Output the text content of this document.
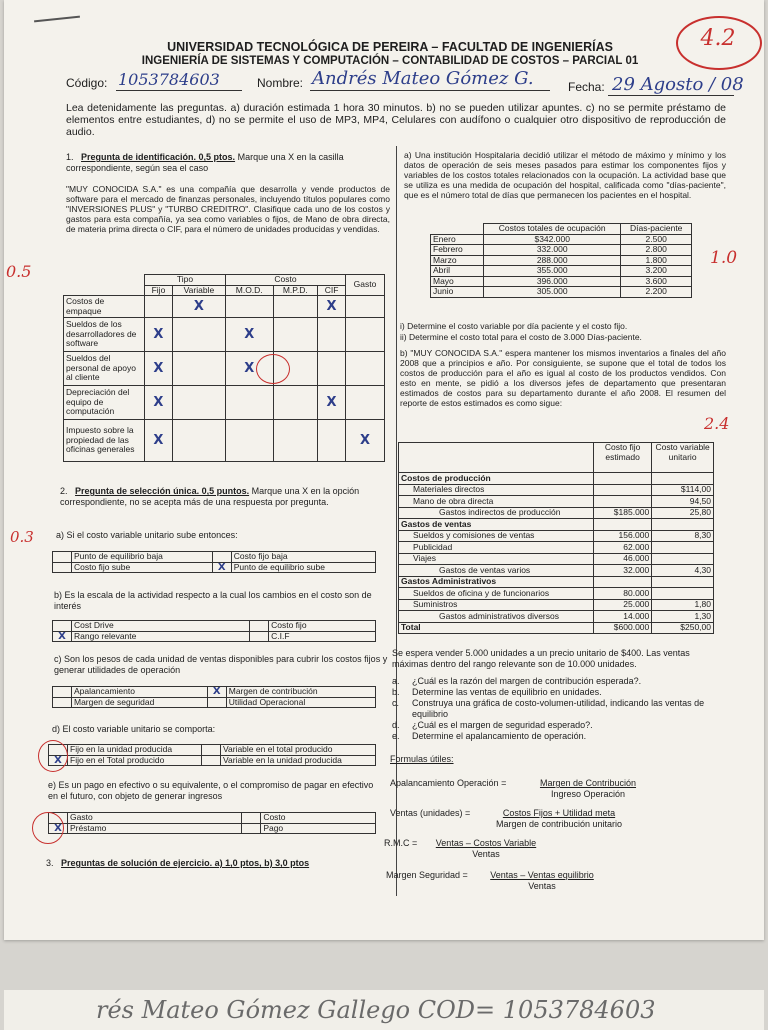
UNIVERSIDAD TECNOLÓGICA DE PEREIRA – FACULTAD DE INGENIERÍAS
INGENIERÍA DE SISTEMAS Y COMPUTACIÓN – CONTABILIDAD DE COSTOS – PARCIAL 01
4.2
Código: 1053784603	Nombre: Andrés Mateo Gómez G.	Fecha: 29 Agosto / 08
Lea detenidamente las preguntas. a) duración estimada 1 hora 30 minutos. b) no se pueden utilizar apuntes. c) no se permite préstamo de elementos entre estudiantes, d) no se permite el uso de MP3, MP4, Celulares con audífono o cualquier otro dispositivo de reproducción de audio.
1. Pregunta de identificación. 0,5 ptos. Marque una X en la casilla correspondiente, según sea el caso
"MUY CONOCIDA S.A." es una compañía que desarrolla y vende productos de software para el mercado de finanzas personales, incluyendo títulos populares como "INVERSIONES PLUS" y "TURBO CREDITRO". Clasifique cada uno de los costos y gastos para esta compañía, ya sea como variables o fijos, de Mano de obra directa, de materia prima directa o CIF, para el número de unidades producidas y vendidas.
0.5
		Tipo		Costo			Gasto
	Fijo	Variable	M.O.D.	M.P.D.	CIF	
Costos de empaque		X			X	
Sueldos de los desarrolladores de software	X		X			
Sueldos del personal de apoyo al cliente	X		X			
Depreciación del equipo de computación	X				X	
Impuesto sobre la propiedad de las oficinas generales	X					X
2. Pregunta de selección única. 0,5 puntos. Marque una X en la opción correspondiente, no se acepta más de una respuesta por pregunta.
0.3 a) Si el costo variable unitario sube entonces:
	Punto de equilibrio baja		Costo fijo baja
	Costo fijo sube	X	Punto de equilibrio sube
b) Es la escala de la actividad respecto a la cual los cambios en el costo son de interés
	Cost Drive		Costo fijo
X	Rango relevante		C.I.F
c) Son los pesos de cada unidad de ventas disponibles para cubrir los costos fijos y generar utilidades de operación
	Apalancamiento	X	Margen de contribución
	Margen de seguridad		Utilidad Operacional
d) El costo variable unitario se comporta:
	Fijo en la unidad producida		Variable en el total producido
X	Fijo en el Total producido		Variable en la unidad producida
e) Es un pago en efectivo o su equivalente, o el compromiso de pagar en efectivo en el futuro, con objeto de generar ingresos
	Gasto		Costo
X	Préstamo		Pago
3. Preguntas de solución de ejercicio. a) 1,0 ptos, b) 3,0 ptos
a) Una institución Hospitalaria decidió utilizar el método de máximo y mínimo y los datos de operación de seis meses pasados para estimar los componentes fijos y variables de los costos totales relacionados con la ocupación. La actividad base que se utiliza es una medida de ocupación del hospital, calificada como "días-paciente", que es el número total de días que permanecen los pacientes en el hospital.
	Costos totales de ocupación	Días-paciente
Enero	$342.000	2.500
Febrero	332.000	2.800
Marzo	288.000	1.800
Abril	355.000	3.200
Mayo	396.000	3.600
Junio	305.000	2.200
1.0
i) Determine el costo variable por día paciente y el costo fijo.
ii) Determine el costo total para el costo de 3.000 Días-paciente.
b) "MUY CONOCIDA S.A." espera mantener los mismos inventarios a finales del año 2008 que a principios e año. Por consiguiente, se supone que el total de todos los costos de producción para el año es igual al costo de los productos vendidos. Con esto en mente, se pidió a los diversos jefes de departamento que presentaran estimados de costos para su departamento durante el año 2008. El resumen del reporte de estos estimados es como sigue:
2.4
	Costo fijo estimado	Costo variable unitario
Costos de producción		
Materiales directos		$114,00
Mano de obra directa		94,50
Gastos indirectos de producción	$185.000	25,80
Gastos de ventas		
Sueldos y comisiones de ventas	156.000	8,30
Publicidad	62.000	
Viajes	46.000	
Gastos de ventas varios	32.000	4,30
Gastos Administrativos		
Sueldos de oficina y de funcionarios	80.000	
Suministros	25.000	1,80
Gastos administrativos diversos	14.000	1,30
Total	$600.000	$250,00
Se espera vender 5.000 unidades a un precio unitario de $400. Las ventas máximas dentro del rango relevante son de 10.000 unidades.
a.	¿Cuál es la razón del margen de contribución esperada?.
b.	Determine las ventas de equilibrio en unidades.
c.	Construya una gráfica de costo-volumen-utilidad, indicando las ventas de equilibrio
d.	¿Cuál es el margen de seguridad esperado?.
e.	Determine el apalancamiento de operación.
Formulas útiles:
Apalancamiento Operación =	Margen de Contribución
Ingreso Operación
Ventas (unidades) =	Costos Fijos + Utilidad meta
Margen de contribución unitario
R.M.C =	Ventas – Costos Variable
Ventas
Margen Seguridad =	Ventas – Ventas equilibrio
Ventas
rés Mateo Gómez Gallego COD= 1053784603
